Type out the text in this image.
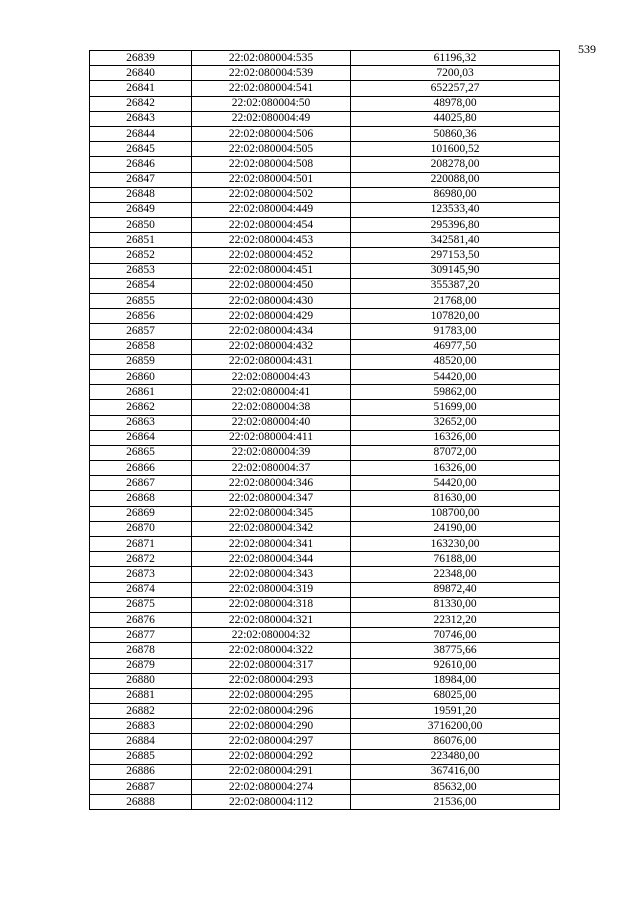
539
26839	22:02:080004:535	61196,32
26840	22:02:080004:539	7200,03
26841	22:02:080004:541	652257,27
26842	22:02:080004:50	48978,00
26843	22:02:080004:49	44025,80
26844	22:02:080004:506	50860,36
26845	22:02:080004:505	101600,52
26846	22:02:080004:508	208278,00
26847	22:02:080004:501	220088,00
26848	22:02:080004:502	86980,00
26849	22:02:080004:449	123533,40
26850	22:02:080004:454	295396,80
26851	22:02:080004:453	342581,40
26852	22:02:080004:452	297153,50
26853	22:02:080004:451	309145,90
26854	22:02:080004:450	355387,20
26855	22:02:080004:430	21768,00
26856	22:02:080004:429	107820,00
26857	22:02:080004:434	91783,00
26858	22:02:080004:432	46977,50
26859	22:02:080004:431	48520,00
26860	22:02:080004:43	54420,00
26861	22:02:080004:41	59862,00
26862	22:02:080004:38	51699,00
26863	22:02:080004:40	32652,00
26864	22:02:080004:411	16326,00
26865	22:02:080004:39	87072,00
26866	22:02:080004:37	16326,00
26867	22:02:080004:346	54420,00
26868	22:02:080004:347	81630,00
26869	22:02:080004:345	108700,00
26870	22:02:080004:342	24190,00
26871	22:02:080004:341	163230,00
26872	22:02:080004:344	76188,00
26873	22:02:080004:343	22348,00
26874	22:02:080004:319	89872,40
26875	22:02:080004:318	81330,00
26876	22:02:080004:321	22312,20
26877	22:02:080004:32	70746,00
26878	22:02:080004:322	38775,66
26879	22:02:080004:317	92610,00
26880	22:02:080004:293	18984,00
26881	22:02:080004:295	68025,00
26882	22:02:080004:296	19591,20
26883	22:02:080004:290	3716200,00
26884	22:02:080004:297	86076,00
26885	22:02:080004:292	223480,00
26886	22:02:080004:291	367416,00
26887	22:02:080004:274	85632,00
26888	22:02:080004:112	21536,00
